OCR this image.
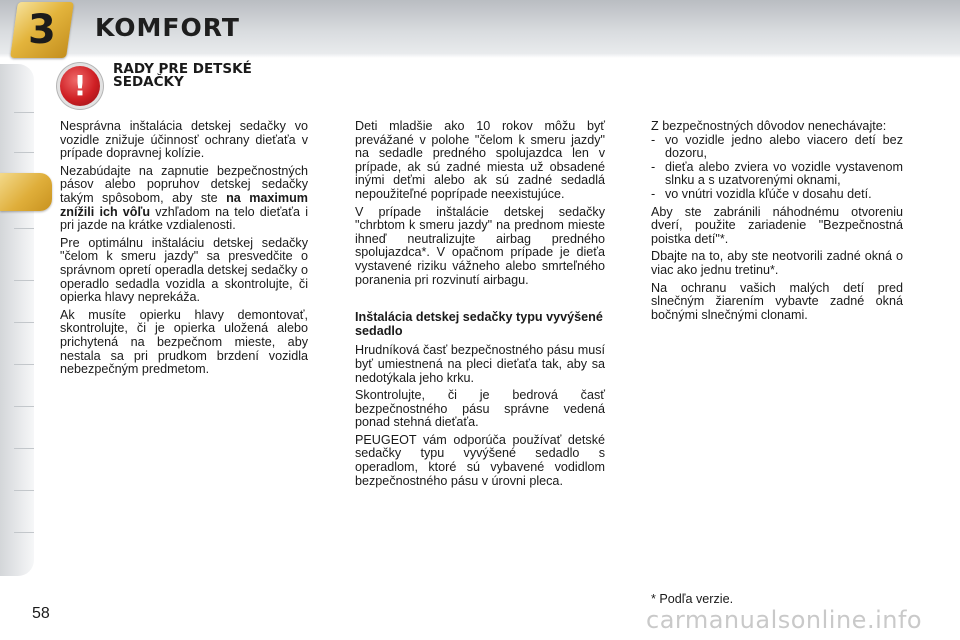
3 KOMFORT
! RADY PRE DETSKÉ SEDAČKY

Nesprávna inštalácia detskej sedačky vo vozidle znižuje účinnosť ochrany dieťaťa v prípade dopravnej kolízie.

Nezabúdajte na zapnutie bezpečnostných pásov alebo popruhov detskej sedačky takým spôsobom, aby ste na maximum znížili ich vôľu vzhľadom na telo dieťaťa i pri jazde na krátke vzdialenosti.

Pre optimálnu inštaláciu detskej sedačky "čelom k smeru jazdy" sa presvedčite o správnom opretí operadla detskej sedačky o operadlo sedadla vozidla a skontrolujte, či opierka hlavy neprekáža.

Ak musíte opierku hlavy demontovať, skontrolujte, či je opierka uložená alebo prichytená na bezpečnom mieste, aby nestala sa pri prudkom brzdení vozidla nebezpečným predmetom.

Deti mladšie ako 10 rokov môžu byť prevážané v polohe "čelom k smeru jazdy" na sedadle predného spolujazdca len v prípade, ak sú zadné miesta už obsadené inými deťmi alebo ak sú zadné sedadlá nepoužiteľné poprípade neexistujúce.

V prípade inštalácie detskej sedačky "chrbtom k smeru jazdy" na prednom mieste ihneď neutralizujte airbag predného spolujazdca*. V opačnom prípade je dieťa vystavené riziku vážneho alebo smrteľného poranenia pri rozvinutí airbagu.

Inštalácia detskej sedačky typu vyvýšené sedadlo

Hrudníková časť bezpečnostného pásu musí byť umiestnená na pleci dieťaťa tak, aby sa nedotýkala jeho krku.

Skontrolujte, či je bedrová časť bezpečnostného pásu správne vedená ponad stehná dieťaťa.

PEUGEOT vám odporúča používať detské sedačky typu vyvýšené sedadlo s operadlom, ktoré sú vybavené vodidlom bezpečnostného pásu v úrovni pleca.

Z bezpečnostných dôvodov nenechávajte:

- vo vozidle jedno alebo viacero detí bez dozoru,
- dieťa alebo zviera vo vozidle vystavenom slnku a s uzatvorenými oknami,
- vo vnútri vozidla kľúče v dosahu detí.

Aby ste zabránili náhodnému otvoreniu dverí, použite zariadenie "Bezpečnostná poistka detí"*.

Dbajte na to, aby ste neotvorili zadné okná o viac ako jednu tretinu*.

Na ochranu vašich malých detí pred slnečným žiarením vybavte zadné okná bočnými slnečnými clonami.

* Podľa verzie.
58	carmanualsonline.info
